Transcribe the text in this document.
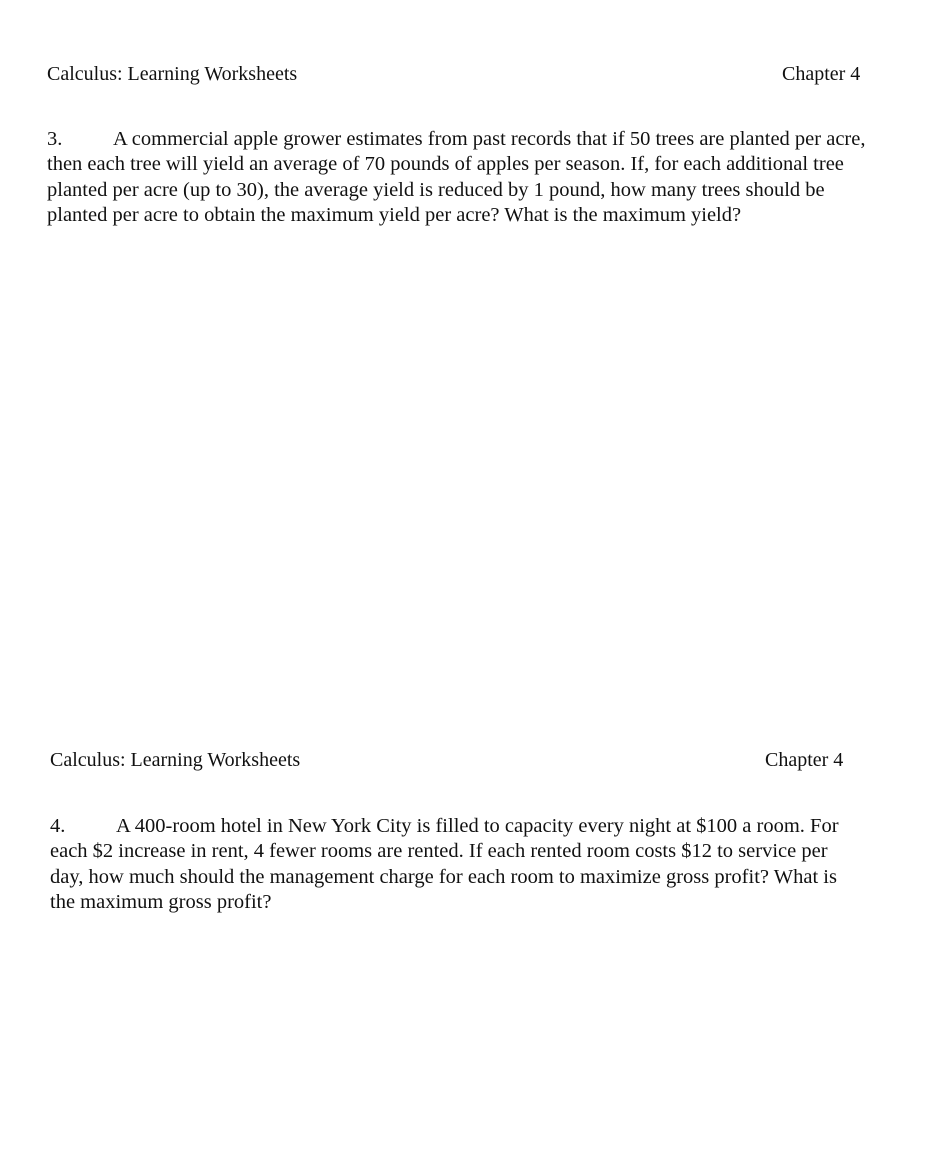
Calculus: Learning Worksheets	Chapter 4

3. A commercial apple grower estimates from past records that if 50 trees are planted per acre, then each tree will yield an average of 70 pounds of apples per season. If, for each additional tree planted per acre (up to 30), the average yield is reduced by 1 pound, how many trees should be planted per acre to obtain the maximum yield per acre? What is the maximum yield?

Calculus: Learning Worksheets	Chapter 4

4. A 400-room hotel in New York City is filled to capacity every night at $100 a room. For each $2 increase in rent, 4 fewer rooms are rented. If each rented room costs $12 to service per day, how much should the management charge for each room to maximize gross profit? What is the maximum gross profit?
